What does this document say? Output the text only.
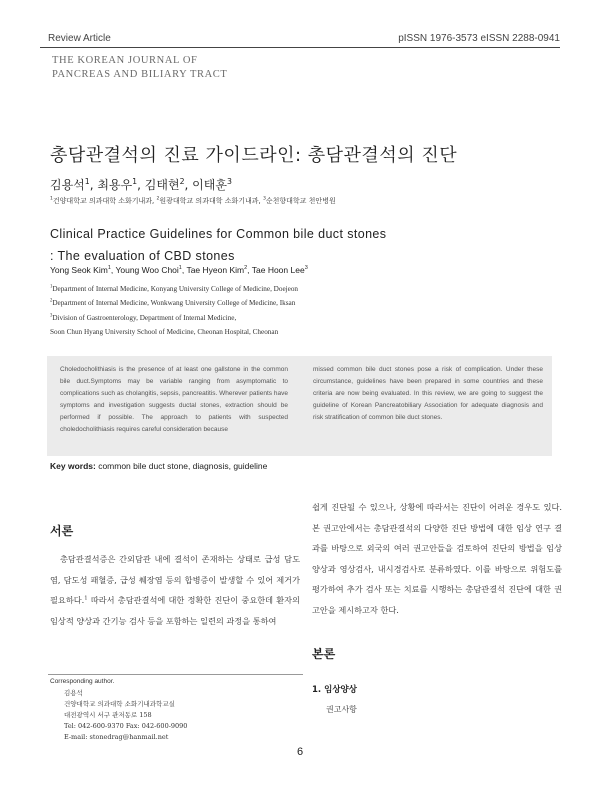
Review Article	pISSN 1976-3573 eISSN 2288-0941
THE KOREAN JOURNAL OF
PANCREAS AND BILIARY TRACT
총담관결석의 진료 가이드라인: 총담관결석의 진단
김용석$^1$, 최용우$^1$, 김태현$^2$, 이태훈$^3$
$^1$건양대학교 의과대학 소화기내과, $^2$원광대학교 의과대학 소화기내과, $^3$순천향대학교 천안병원
Clinical Practice Guidelines for Common bile duct stones
: The evaluation of CBD stones
Yong Seok Kim$^1$, Young Woo Choi$^1$, Tae Hyeon Kim$^2$, Tae Hoon Lee$^3$
$^1$Department of Internal Medicine, Konyang University College of Medicine, Doejeon
$^2$Department of Internal Medicine, Wonkwang University College of Medicine, Iksan
$^3$Division of Gastroenterology, Department of Internal Medicine,
Soon Chun Hyang University School of Medicine, Cheonan Hospital, Cheonan
Choledocholithiasis is the presence of at least one gallstone in the common bile duct.Symptoms may be variable ranging from asymptomatic to complications such as cholangitis, sepsis, pancreatitis. Wherever patients have symptoms and investigation suggests ductal stones, extraction should be performed if possible. The approach to patients with suspected choledocholithiasis requires careful consideration because
missed common bile duct stones pose a risk of complication. Under these circumstance, guidelines have been prepared in some countries and these criteria are now being evaluated. In this review, we are going to suggest the guideline of Korean Pancreatobiliary Association for adequate diagnosis and risk stratification of common bile duct stones.
Key words: common bile duct stone, diagnosis, guideline
서론
총담관결석증은 간외담관 내에 결석이 존재하는 상태로 급성 담도염, 담도성 패혈증, 급성 췌장염 등의 합병증이 발생할 수 있어 제거가 필요하다.$^1$ 따라서 총담관결석에 대한 정확한 진단이 중요한데 환자의 임상적 양상과 간기능 검사 등을 포함하는 일련의 과정을 통하여
Corresponding author.
김용석
건양대학교 의과대학 소화기내과학교실
대전광역시 서구 관저동로 158
Tel: 042-600-9370 Fax: 042-600-9090
E-mail: stonedrag@hanmail.net
쉽게 진단될 수 있으나, 상황에 따라서는 진단이 어려운 경우도 있다. 본 권고안에서는 총담관결석의 다양한 진단 방법에 대한 임상 연구 결과를 바탕으로 외국의 여러 권고안들을 검토하여 진단의 방법을 임상양상과 영상검사, 내시경검사로 분류하였다. 이를 바탕으로 위험도를 평가하여 추가 검사 또는 치료를 시행하는 총담관결석 진단에 대한 권고안을 제시하고자 한다.
본론
1. 임상양상
권고사항
6
